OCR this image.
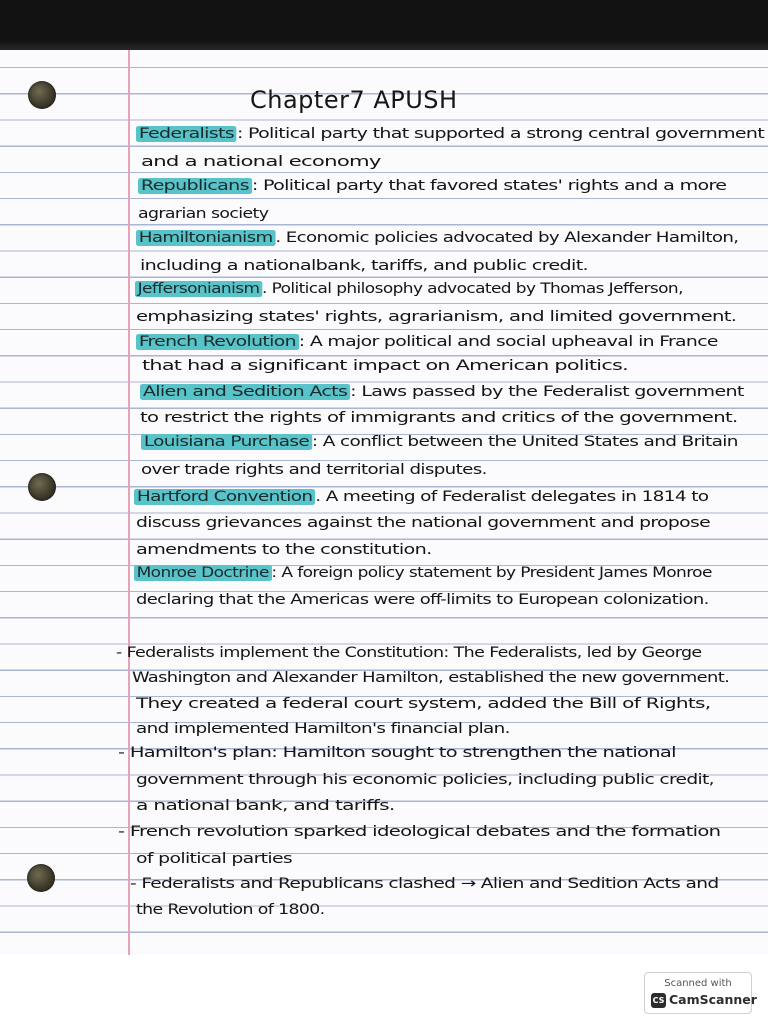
Chapter7 APUSH
Federalists : Political party that supported a strong central government
and a national economy
Republicans : Political party that favored states' rights and a more
agrarian society
Hamiltonianism . Economic policies advocated by Alexander Hamilton,
including a nationalbank, tariffs, and public credit.
Jeffersonianism . Political philosophy advocated by Thomas Jefferson,
emphasizing states' rights, agrarianism, and limited government.
French Revolution : A major political and social upheaval in France
that had a significant impact on American politics.
Alien and Sedition Acts : Laws passed by the Federalist government
to restrict the rights of immigrants and critics of the government.
Louisiana Purchase : A conflict between the United States and Britain
over trade rights and territorial disputes.
Hartford Convention . A meeting of Federalist delegates in 1814 to
discuss grievances against the national government and propose
amendments to the constitution.
Monroe Doctrine : A foreign policy statement by President James Monroe
declaring that the Americas were off-limits to European colonization.
- Federalists implement the Constitution: The Federalists, led by George
Washington and Alexander Hamilton, established the new government.
They created a federal court system, added the Bill of Rights,
and implemented Hamilton's financial plan.
- Hamilton's plan: Hamilton sought to strengthen the national
government through his economic policies, including public credit,
a national bank, and tariffs.
- French revolution sparked ideological debates and the formation
of political parties
- Federalists and Republicans clashed → Alien and Sedition Acts and
the Revolution of 1800.
Scanned with
CS CamScanner
